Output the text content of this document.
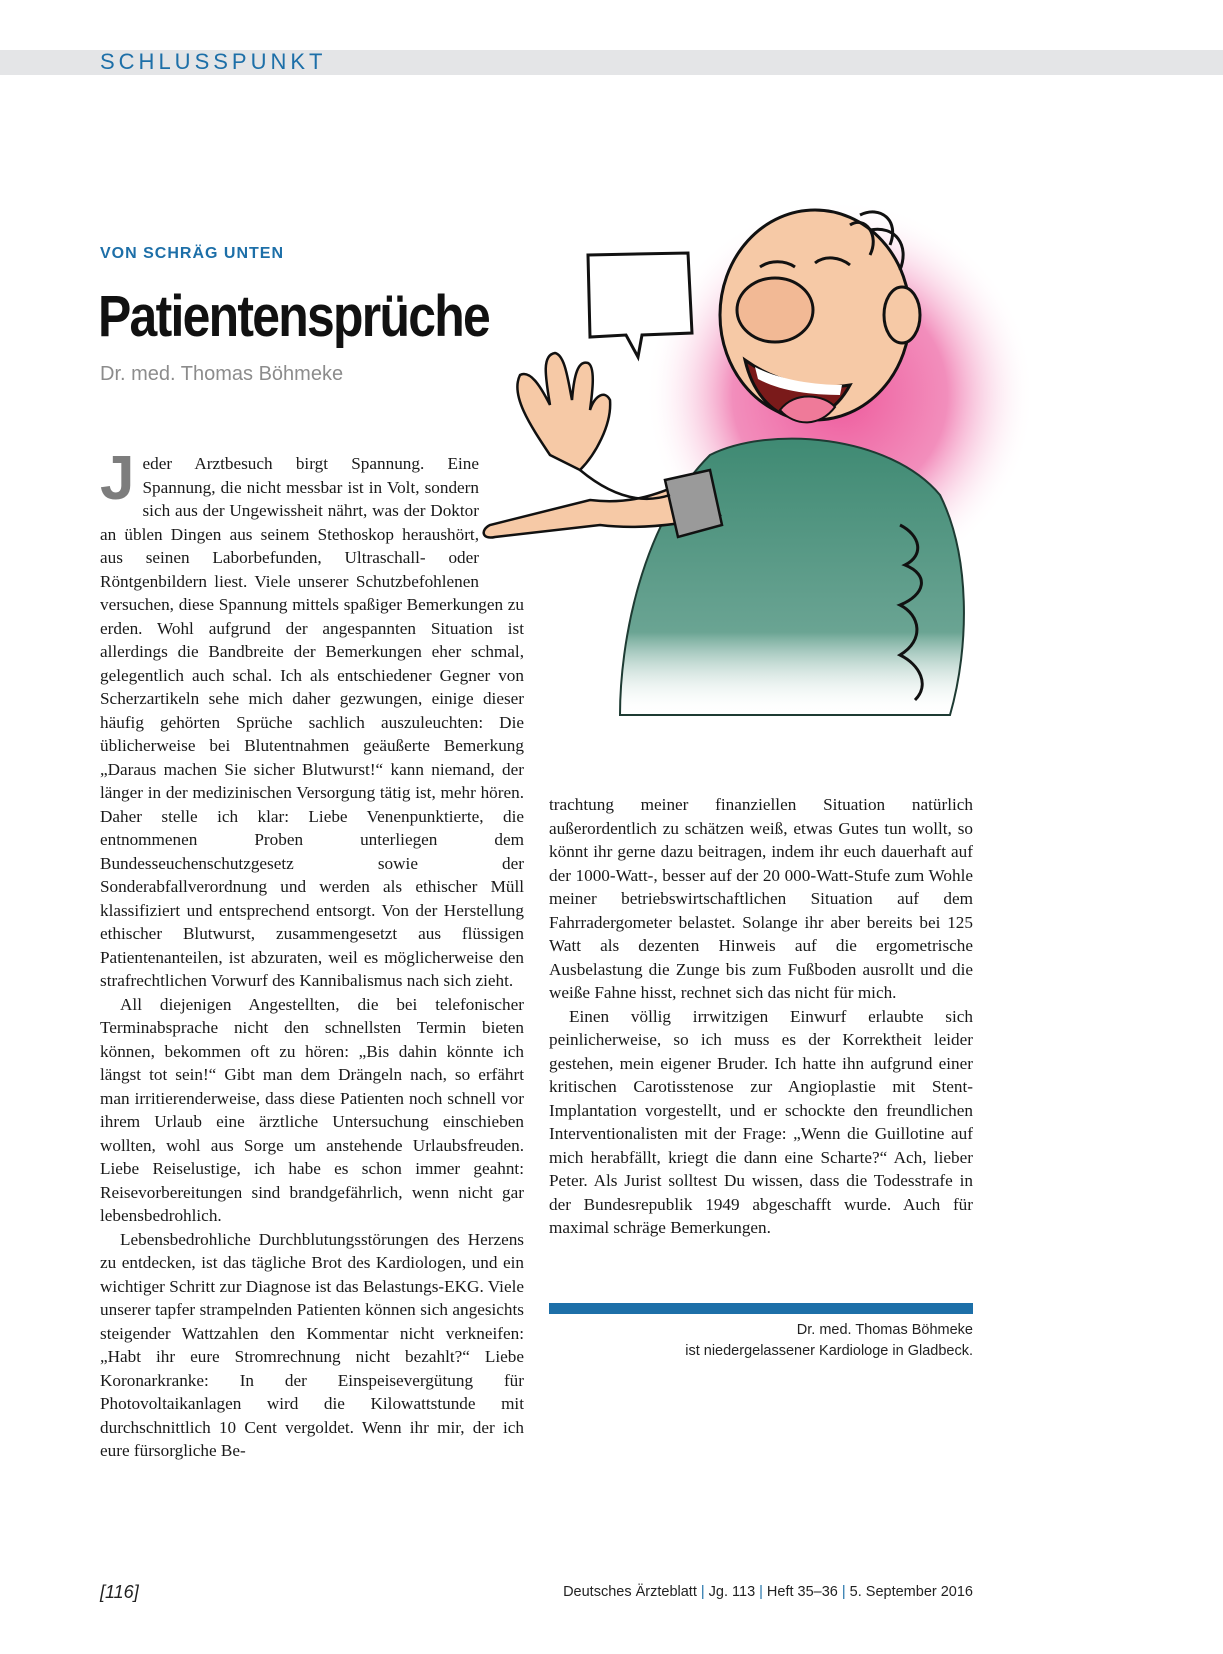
SCHLUSSPUNKT
VON SCHRÄG UNTEN
Patientensprüche
Dr. med. Thomas Böhmeke

Jeder Arztbesuch birgt Spannung. Eine Spannung, die nicht messbar ist in Volt, sondern sich aus der Ungewissheit nährt, was der Doktor an üblen Dingen aus seinem Stethoskop heraushört, aus seinen Laborbefunden, Ultraschall- oder Röntgenbildern liest. Viele unserer Schutzbefohlenen versuchen, diese Spannung mittels spaßiger Bemerkungen zu erden. Wohl aufgrund der angespannten Situation ist allerdings die Bandbreite der Bemerkungen eher schmal, gelegentlich auch schal. Ich als entschiedener Gegner von Scherzartikeln sehe mich daher gezwungen, einige dieser häufig gehörten Sprüche sachlich auszuleuchten: Die üblicherweise bei Blutentnahmen geäußerte Bemerkung „Daraus machen Sie sicher Blutwurst!“ kann niemand, der länger in der medizinischen Versorgung tätig ist, mehr hören. Daher stelle ich klar: Liebe Venenpunktierte, die entnommenen Proben unterliegen dem Bundesseuchenschutzgesetz sowie der Sonderabfallverordnung und werden als ethischer Müll klassifiziert und entsprechend entsorgt. Von der Herstellung ethischer Blutwurst, zusammengesetzt aus flüssigen Patientenanteilen, ist abzuraten, weil es möglicherweise den strafrechtlichen Vorwurf des Kannibalismus nach sich zieht.

All diejenigen Angestellten, die bei telefonischer Terminabsprache nicht den schnellsten Termin bieten können, bekommen oft zu hören: „Bis dahin könnte ich längst tot sein!“ Gibt man dem Drängeln nach, so erfährt man irritierenderweise, dass diese Patienten noch schnell vor ihrem Urlaub eine ärztliche Untersuchung einschieben wollten, wohl aus Sorge um anstehende Urlaubsfreuden. Liebe Reiselustige, ich habe es schon immer geahnt: Reisevorbereitungen sind brandgefährlich, wenn nicht gar lebensbedrohlich.

Lebensbedrohliche Durchblutungsstörungen des Herzens zu entdecken, ist das tägliche Brot des Kardiologen, und ein wichtiger Schritt zur Diagnose ist das Belastungs-EKG. Viele unserer tapfer strampelnden Patienten können sich angesichts steigender Wattzahlen den Kommentar nicht verkneifen: „Habt ihr eure Stromrechnung nicht bezahlt?“ Liebe Koronarkranke: In der Einspeisevergütung für Photovoltaikanlagen wird die Kilowattstunde mit durchschnittlich 10 Cent vergoldet. Wenn ihr mir, der ich eure fürsorgliche Be-

trachtung meiner finanziellen Situation natürlich außerordentlich zu schätzen weiß, etwas Gutes tun wollt, so könnt ihr gerne dazu beitragen, indem ihr euch dauerhaft auf der 1000-Watt-, besser auf der 20 000-Watt-Stufe zum Wohle meiner betriebswirtschaftlichen Situation auf dem Fahrradergometer belastet. Solange ihr aber bereits bei 125 Watt als dezenten Hinweis auf die ergometrische Ausbelastung die Zunge bis zum Fußboden ausrollt und die weiße Fahne hisst, rechnet sich das nicht für mich.

Einen völlig irrwitzigen Einwurf erlaubte sich peinlicherweise, so ich muss es der Korrektheit leider gestehen, mein eigener Bruder. Ich hatte ihn aufgrund einer kritischen Carotisstenose zur Angioplastie mit Stent-Implantation vorgestellt, und er schockte den freundlichen Interventionalisten mit der Frage: „Wenn die Guillotine auf mich herabfällt, kriegt die dann eine Scharte?“ Ach, lieber Peter. Als Jurist solltest Du wissen, dass die Todesstrafe in der Bundesrepublik 1949 abgeschafft wurde. Auch für maximal schräge Bemerkungen.

Dr. med. Thomas Böhmeke
ist niedergelassener Kardiologe in Gladbeck.
[116]	Deutsches Ärzteblatt | Jg. 113 | Heft 35–36 | 5. September 2016
